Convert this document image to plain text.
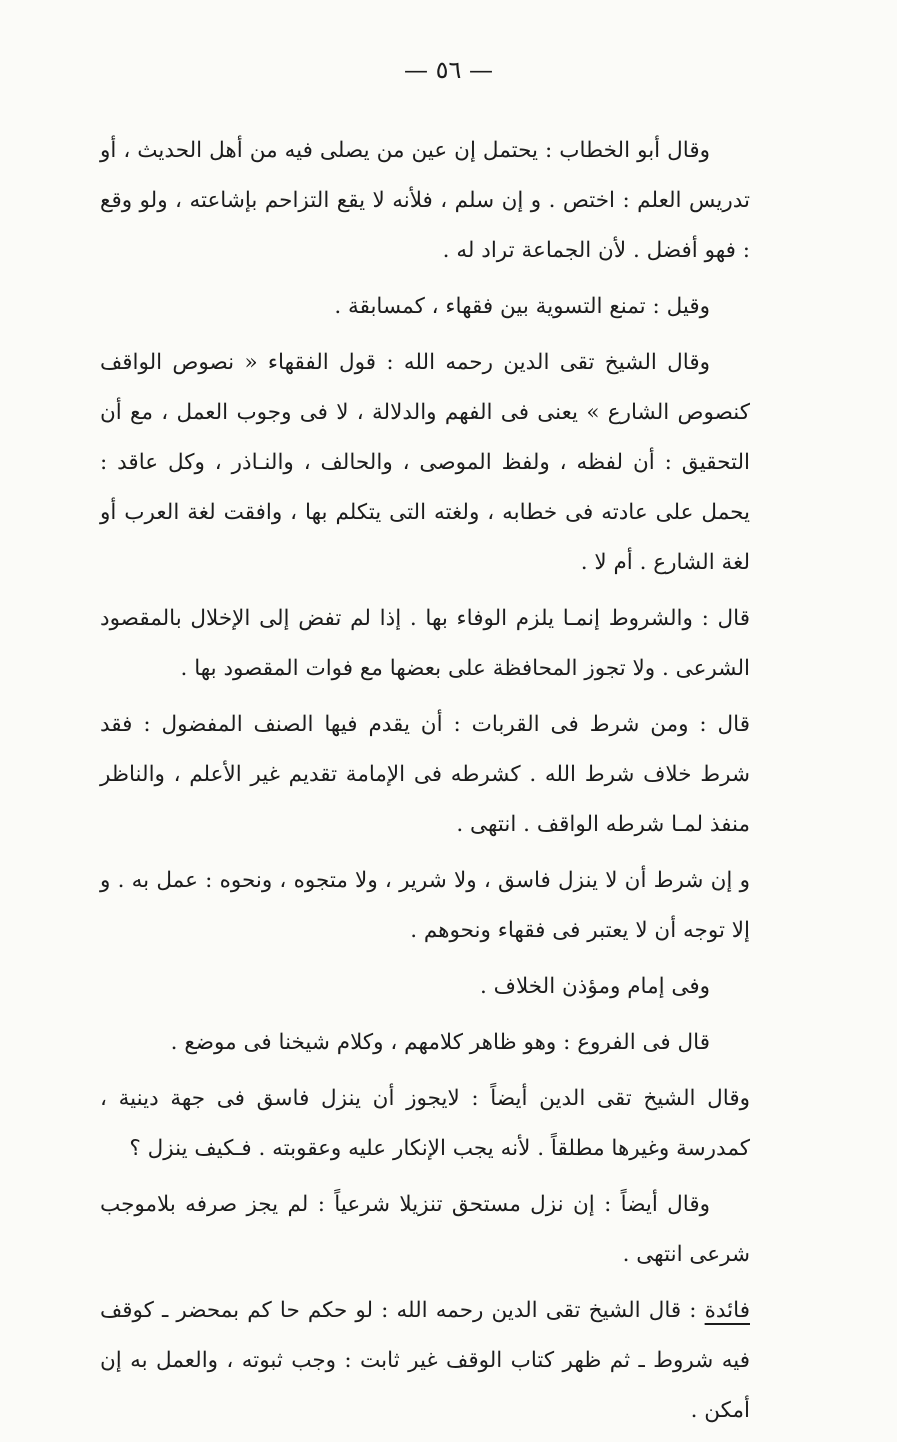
— ٥٦ —

وقال أبو الخطاب : يحتمل إن عين من يصلى فيه من أهل الحديث ، أو تدريس العلم : اختص . و إن سلم ، فلأنه لا يقع التزاحم بإشاعته ، ولو وقع : فهو أفضل . لأن الجماعة تراد له .

وقيل : تمنع التسوية بين فقهاء ، كمسابقة .

وقال الشيخ تقى الدين رحمه الله : قول الفقهاء « نصوص الواقف كنصوص الشارع » يعنى فى الفهم والدلالة ، لا فى وجوب العمل ، مع أن التحقيق : أن لفظه ، ولفظ الموصى ، والحالف ، والنـاذر ، وكل عاقد : يحمل على عادته فى خطابه ، ولغته التى يتكلم بها ، وافقت لغة العرب أو لغة الشارع . أم لا .

قال : والشروط إنمـا يلزم الوفاء بها . إذا لم تفض إلى الإخلال بالمقصود الشرعى . ولا تجوز المحافظة على بعضها مع فوات المقصود بها .

قال : ومن شرط فى القربات : أن يقدم فيها الصنف المفضول : فقد شرط خلاف شرط الله . كشرطه فى الإمامة تقديم غير الأعلم ، والناظر منفذ لمـا شرطه الواقف . انتهى .

و إن شرط أن لا ينزل فاسق ، ولا شرير ، ولا متجوه ، ونحوه : عمل به . و إلا توجه أن لا يعتبر فى فقهاء ونحوهم .

وفى إمام ومؤذن الخلاف .

قال فى الفروع : وهو ظاهر كلامهم ، وكلام شيخنا فى موضع .

وقال الشيخ تقى الدين أيضاً : لايجوز أن ينزل فاسق فى جهة دينية ، كمدرسة وغيرها مطلقاً . لأنه يجب الإنكار عليه وعقوبته . فـكيف ينزل ؟

وقال أيضاً : إن نزل مستحق تنزيلا شرعياً : لم يجز صرفه بلاموجب شرعى انتهى .

فائدة : قال الشيخ تقى الدين رحمه الله : لو حكم حا كم بمحضر ـ كوقف فيه شروط ـ ثم ظهر كتاب الوقف غير ثابت : وجب ثبوته ، والعمل به إن أمكن .
